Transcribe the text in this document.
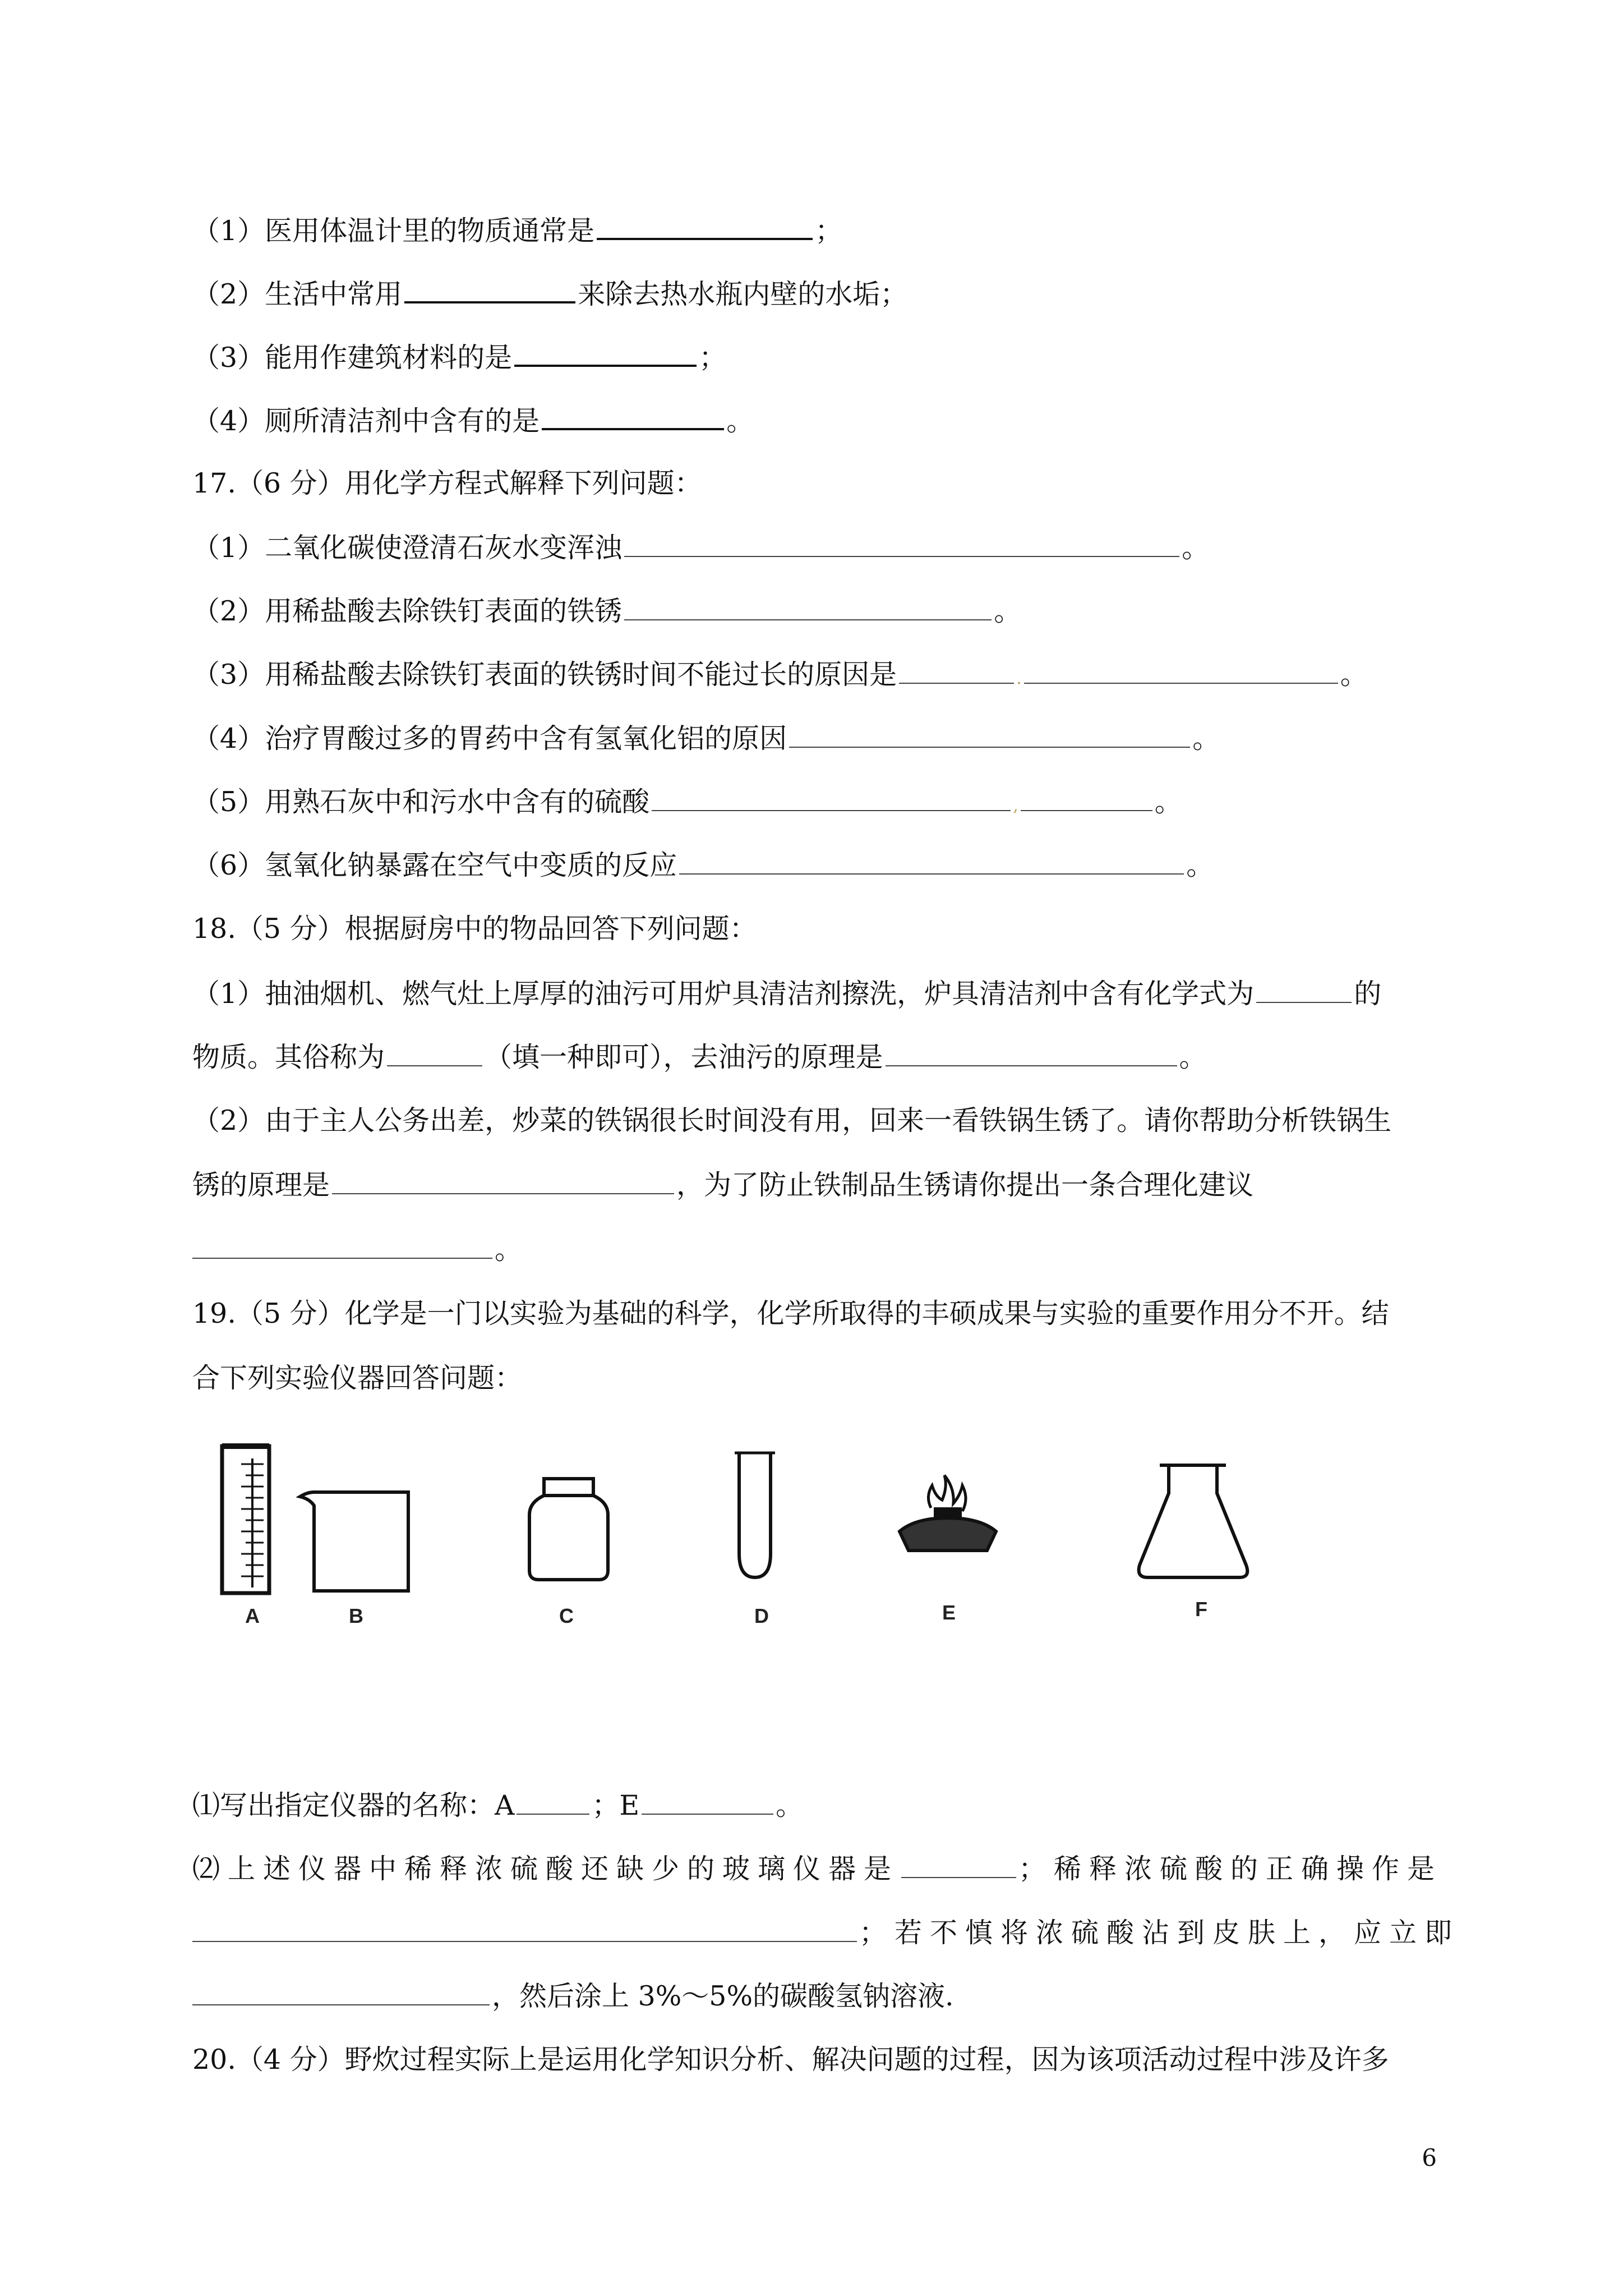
（1）医用体温计里的物质通常是	；
（2）生活中常用	来除去热水瓶内壁的水垢；
（3）能用作建筑材料的是	；
（4）厕所清洁剂中含有的是	。
17.（6 分）用化学方程式解释下列问题：
（1）二氧化碳使澄清石灰水变浑浊	。
（2）用稀盐酸去除铁钉表面的铁锈	。
（3）用稀盐酸去除铁钉表面的铁锈时间不能过长的原因是	.	。
（4）治疗胃酸过多的胃药中含有氢氧化铝的原因	。
（5）用熟石灰中和污水中含有的硫酸	,	。
（6）氢氧化钠暴露在空气中变质的反应	。
18.（5 分）根据厨房中的物品回答下列问题：
（1）抽油烟机、燃气灶上厚厚的油污可用炉具清洁剂擦洗，炉具清洁剂中含有化学式为	的
物质。其俗称为	（填一种即可），去油污的原理是	。
（2）由于主人公务出差，炒菜的铁锅很长时间没有用，回来一看铁锅生锈了。请你帮助分析铁锅生
锈的原理是	，为了防止铁制品生锈请你提出一条合理化建议
。
19.（5 分）化学是一门以实验为基础的科学，化学所取得的丰硕成果与实验的重要作用分不开。结
合下列实验仪器回答问题：
A	B	C	D	E	F
⑴写出指定仪器的名称：A	；E	。
⑵上述仪器中稀释浓硫酸还缺少的玻璃仪器是	；稀释浓硫酸的正确操作是
；若不慎将浓硫酸沾到皮肤上，应立即
，然后涂上 3%～5%的碳酸氢钠溶液.
20.（4 分）野炊过程实际上是运用化学知识分析、解决问题的过程，因为该项活动过程中涉及许多
6
